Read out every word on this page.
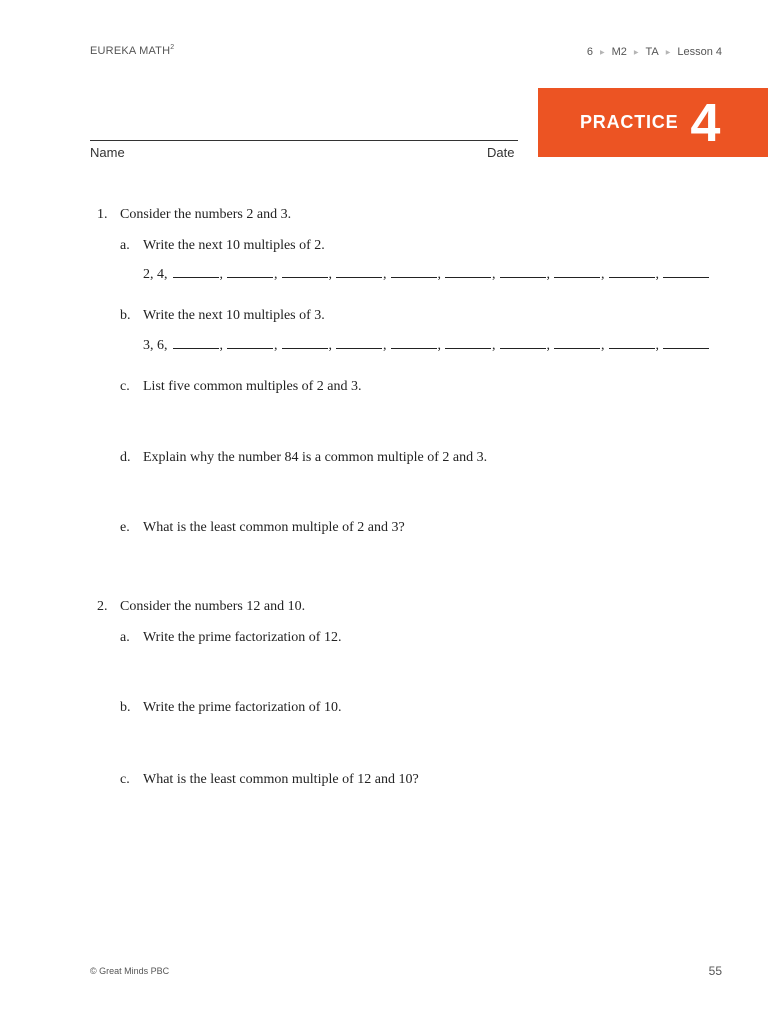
EUREKA MATH$^2$	6 ▶ M2 ▶ TA ▶ Lesson 4
PRACTICE 4
Name	Date
1. Consider the numbers 2 and 3.
a. Write the next 10 multiples of 2.
2, 4,	,	,	,	,	,	,	,	,	,
b. Write the next 10 multiples of 3.
3, 6,	,	,	,	,	,	,	,	,	,
c. List five common multiples of 2 and 3.
d. Explain why the number 84 is a common multiple of 2 and 3.
e. What is the least common multiple of 2 and 3?
2. Consider the numbers 12 and 10.
a. Write the prime factorization of 12.
b. Write the prime factorization of 10.
c. What is the least common multiple of 12 and 10?
© Great Minds PBC	55
